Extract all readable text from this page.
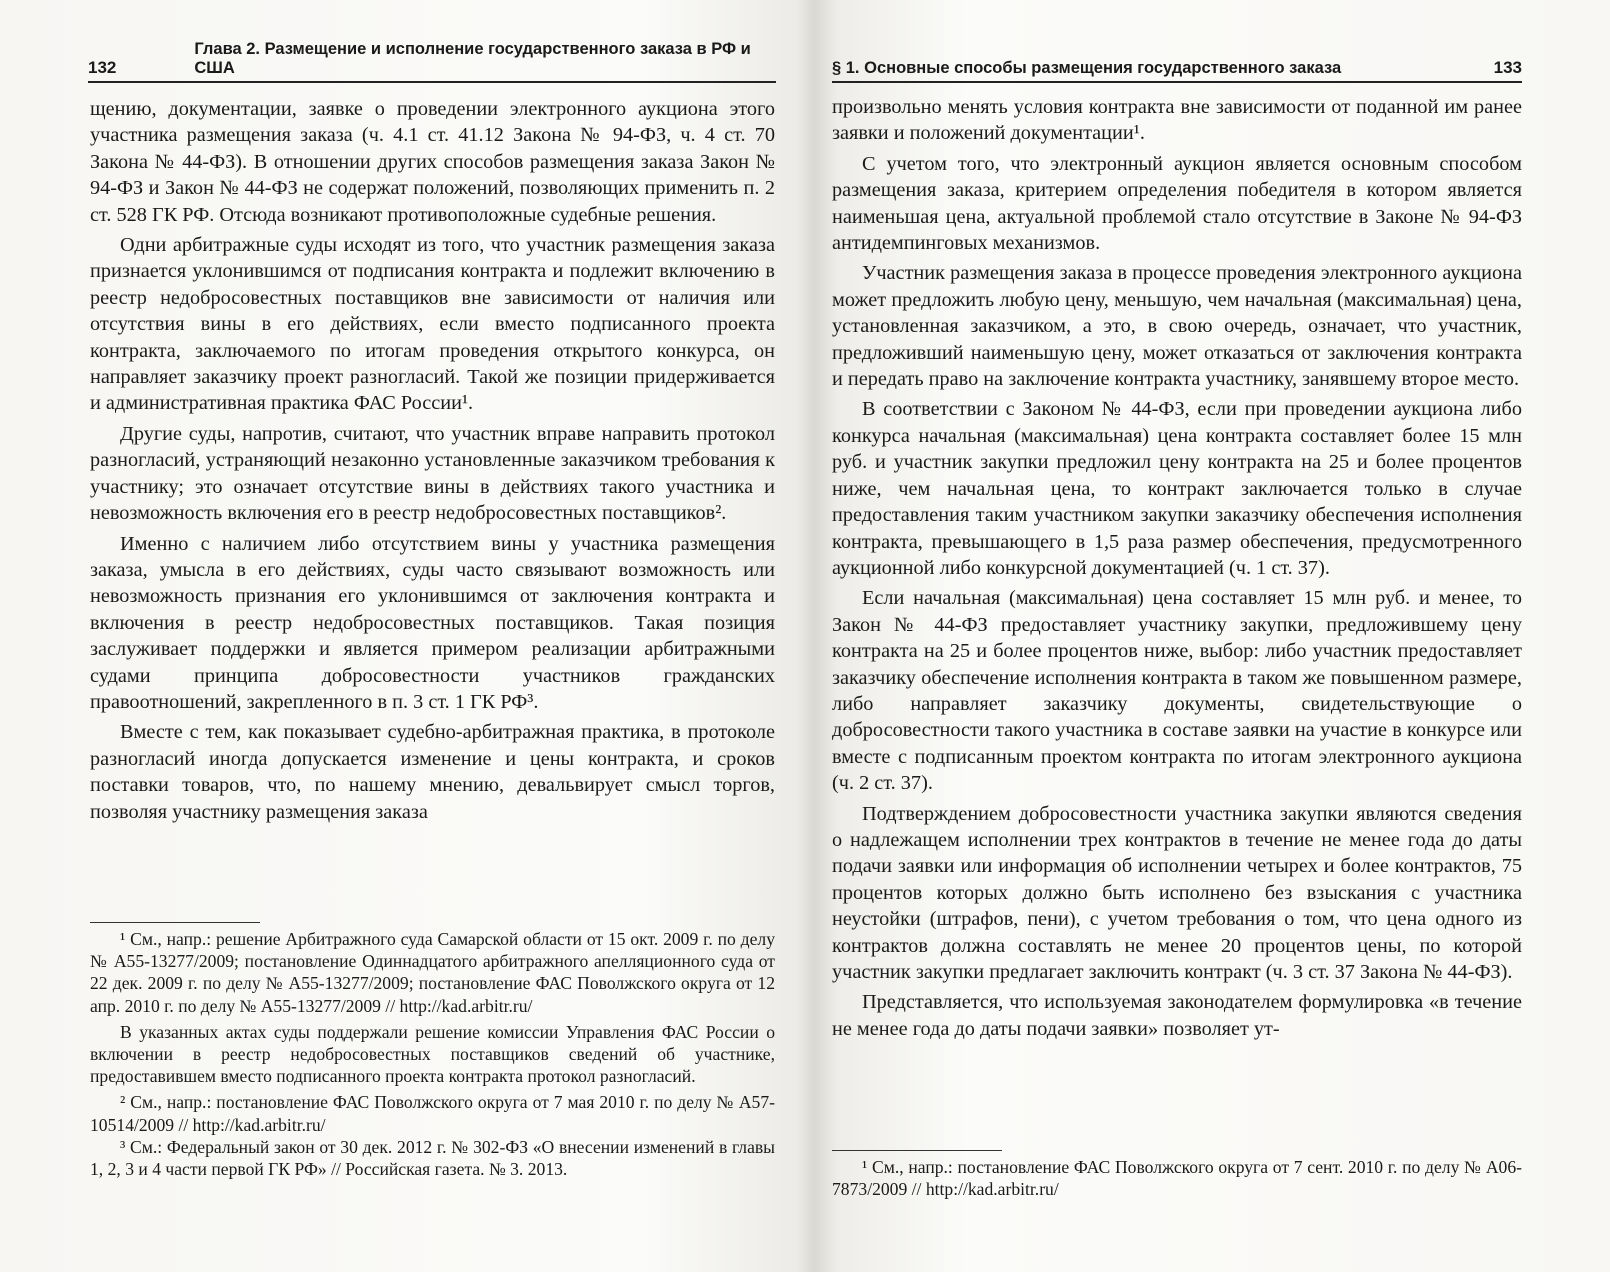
132
Глава 2. Размещение и исполнение государственного заказа в РФ и США

щению, документации, заявке о проведении электронного аукциона этого участника размещения заказа (ч. 4.1 ст. 41.12 Закона № 94-ФЗ, ч. 4 ст. 70 Закона № 44-ФЗ). В отношении других способов размещения заказа Закон № 94-ФЗ и Закон № 44-ФЗ не содержат положений, позволяющих применить п. 2 ст. 528 ГК РФ. Отсюда возникают противоположные судебные решения.

Одни арбитражные суды исходят из того, что участник размещения заказа признается уклонившимся от подписания контракта и подлежит включению в реестр недобросовестных поставщиков вне зависимости от наличия или отсутствия вины в его действиях, если вместо подписанного проекта контракта, заключаемого по итогам проведения открытого конкурса, он направляет заказчику проект разногласий. Такой же позиции придерживается и административная практика ФАС России¹.

Другие суды, напротив, считают, что участник вправе направить протокол разногласий, устраняющий незаконно установленные заказчиком требования к участнику; это означает отсутствие вины в действиях такого участника и невозможность включения его в реестр недобросовестных поставщиков².

Именно с наличием либо отсутствием вины у участника размещения заказа, умысла в его действиях, суды часто связывают возможность или невозможность признания его уклонившимся от заключения контракта и включения в реестр недобросовестных поставщиков. Такая позиция заслуживает поддержки и является примером реализации арбитражными судами принципа добросовестности участников гражданских правоотношений, закрепленного в п. 3 ст. 1 ГК РФ³.

Вместе с тем, как показывает судебно-арбитражная практика, в протоколе разногласий иногда допускается изменение и цены контракта, и сроков поставки товаров, что, по нашему мнению, девальвирует смысл торгов, позволяя участнику размещения заказа

¹ См., напр.: решение Арбитражного суда Самарской области от 15 окт. 2009 г. по делу № А55-13277/2009; постановление Одиннадцатого арбитражного апелляционного суда от 22 дек. 2009 г. по делу № А55-13277/2009; постановление ФАС Поволжского округа от 12 апр. 2010 г. по делу № А55-13277/2009 // http://kad.arbitr.ru/

В указанных актах суды поддержали решение комиссии Управления ФАС России о включении в реестр недобросовестных поставщиков сведений об участнике, предоставившем вместо подписанного проекта контракта протокол разногласий.

² См., напр.: постановление ФАС Поволжского округа от 7 мая 2010 г. по делу № А57-10514/2009 // http://kad.arbitr.ru/

³ См.: Федеральный закон от 30 дек. 2012 г. № 302-ФЗ «О внесении изменений в главы 1, 2, 3 и 4 части первой ГК РФ» // Российская газета. № 3. 2013.

§ 1. Основные способы размещения государственного заказа	133

произвольно менять условия контракта вне зависимости от поданной им ранее заявки и положений документации¹.

С учетом того, что электронный аукцион является основным способом размещения заказа, критерием определения победителя в котором является наименьшая цена, актуальной проблемой стало отсутствие в Законе № 94-ФЗ антидемпинговых механизмов.

Участник размещения заказа в процессе проведения электронного аукциона может предложить любую цену, меньшую, чем начальная (максимальная) цена, установленная заказчиком, а это, в свою очередь, означает, что участник, предложивший наименьшую цену, может отказаться от заключения контракта и передать право на заключение контракта участнику, занявшему второе место.

В соответствии с Законом № 44-ФЗ, если при проведении аукциона либо конкурса начальная (максимальная) цена контракта составляет более 15 млн руб. и участник закупки предложил цену контракта на 25 и более процентов ниже, чем начальная цена, то контракт заключается только в случае предоставления таким участником закупки заказчику обеспечения исполнения контракта, превышающего в 1,5 раза размер обеспечения, предусмотренного аукционной либо конкурсной документацией (ч. 1 ст. 37).

Если начальная (максимальная) цена составляет 15 млн руб. и менее, то Закон № 44-ФЗ предоставляет участнику закупки, предложившему цену контракта на 25 и более процентов ниже, выбор: либо участник предоставляет заказчику обеспечение исполнения контракта в таком же повышенном размере, либо направляет заказчику документы, свидетельствующие о добросовестности такого участника в составе заявки на участие в конкурсе или вместе с подписанным проектом контракта по итогам электронного аукциона (ч. 2 ст. 37).

Подтверждением добросовестности участника закупки являются сведения о надлежащем исполнении трех контрактов в течение не менее года до даты подачи заявки или информация об исполнении четырех и более контрактов, 75 процентов которых должно быть исполнено без взыскания с участника неустойки (штрафов, пени), с учетом требования о том, что цена одного из контрактов должна составлять не менее 20 процентов цены, по которой участник закупки предлагает заключить контракт (ч. 3 ст. 37 Закона № 44-ФЗ).

Представляется, что используемая законодателем формулировка «в течение не менее года до даты подачи заявки» позволяет ут-

¹ См., напр.: постановление ФАС Поволжского округа от 7 сент. 2010 г. по делу № А06-7873/2009 // http://kad.arbitr.ru/
